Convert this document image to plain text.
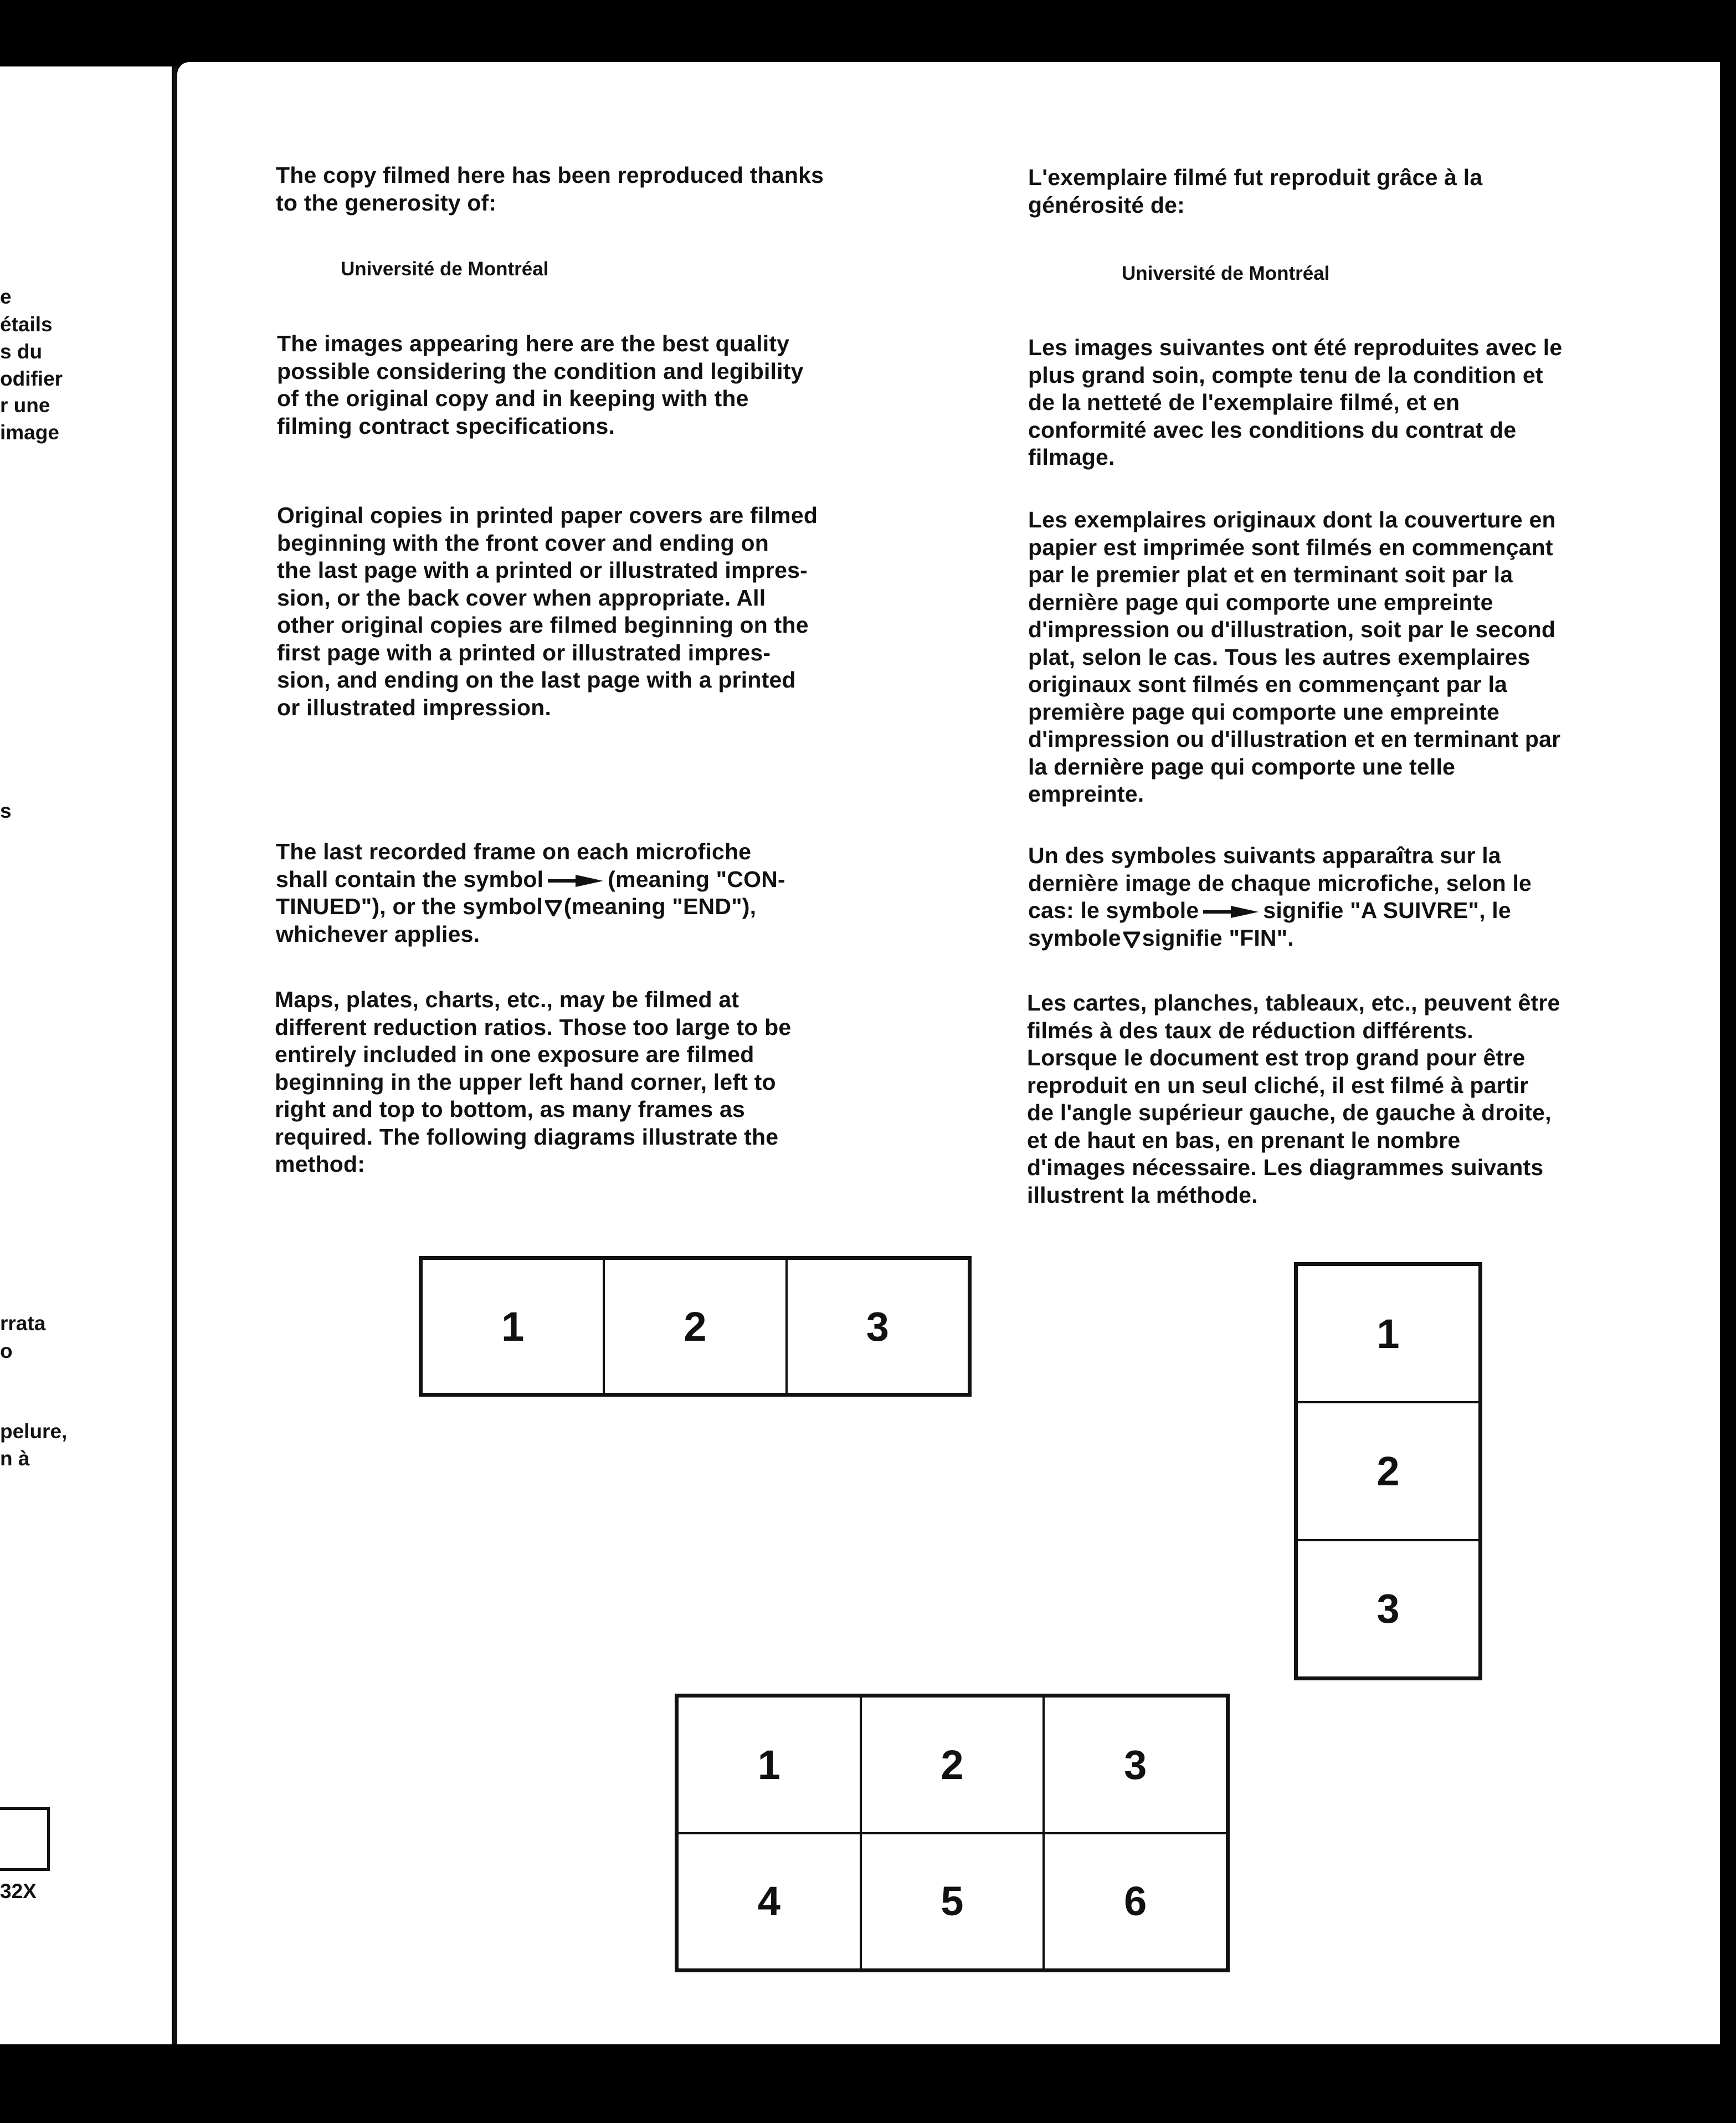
e
étails
s du
odifier
r une
image
s
rrata
o
pelure,
n à
32X
The copy filmed here has been reproduced thanks
to the generosity of:
Université de Montréal
The images appearing here are the best quality
possible considering the condition and legibility
of the original copy and in keeping with the
filming contract specifications.
Original copies in printed paper covers are filmed
beginning with the front cover and ending on
the last page with a printed or illustrated impres-
sion, or the back cover when appropriate. All
other original copies are filmed beginning on the
first page with a printed or illustrated impres-
sion, and ending on the last page with a printed
or illustrated impression.
The last recorded frame on each microfiche
shall contain the symbol	(meaning "CON-
TINUED"), or the symbol (meaning "END"),
whichever applies.
Maps, plates, charts, etc., may be filmed at
different reduction ratios. Those too large to be
entirely included in one exposure are filmed
beginning in the upper left hand corner, left to
right and top to bottom, as many frames as
required. The following diagrams illustrate the
method:
L'exemplaire filmé fut reproduit grâce à la
générosité de:
Université de Montréal
Les images suivantes ont été reproduites avec le
plus grand soin, compte tenu de la condition et
de la netteté de l'exemplaire filmé, et en
conformité avec les conditions du contrat de
filmage.
Les exemplaires originaux dont la couverture en
papier est imprimée sont filmés en commençant
par le premier plat et en terminant soit par la
dernière page qui comporte une empreinte
d'impression ou d'illustration, soit par le second
plat, selon le cas. Tous les autres exemplaires
originaux sont filmés en commençant par la
première page qui comporte une empreinte
d'impression ou d'illustration et en terminant par
la dernière page qui comporte une telle
empreinte.
Un des symboles suivants apparaîtra sur la
dernière image de chaque microfiche, selon le
cas: le symbole	signifie "A SUIVRE", le
symbole signifie "FIN".
Les cartes, planches, tableaux, etc., peuvent être
filmés à des taux de réduction différents.
Lorsque le document est trop grand pour être
reproduit en un seul cliché, il est filmé à partir
de l'angle supérieur gauche, de gauche à droite,
et de haut en bas, en prenant le nombre
d'images nécessaire. Les diagrammes suivants
illustrent la méthode.
1	2	3	1
2
3
1	2	3
4	5	6
